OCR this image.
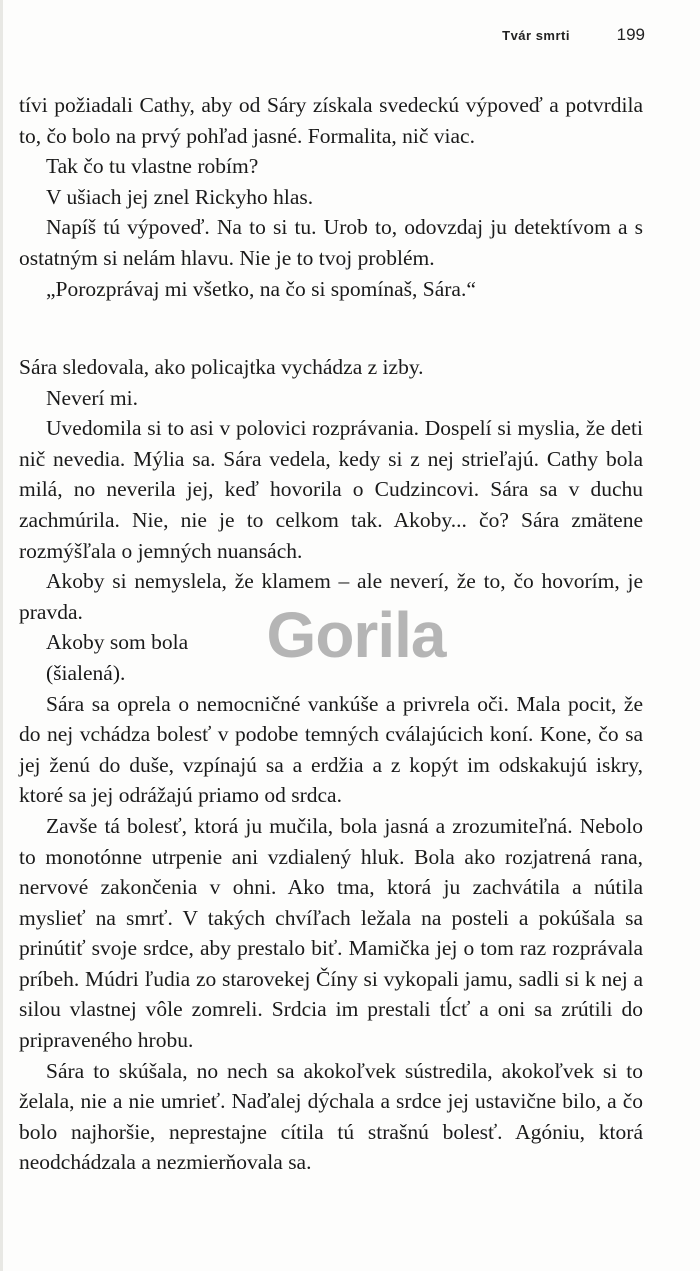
Tvár smrti	199

tívi požiadali Cathy, aby od Sáry získala svedeckú výpoveď a potvrdila to, čo bolo na prvý pohľad jasné. Formalita, nič viac.

Tak čo tu vlastne robím?

V ušiach jej znel Rickyho hlas.

Napíš tú výpoveď. Na to si tu. Urob to, odovzdaj ju detektívom a s ostatným si nelám hlavu. Nie je to tvoj problém.

„Porozprávaj mi všetko, na čo si spomínaš, Sára.“

Sára sledovala, ako policajtka vychádza z izby.

Neverí mi.

Uvedomila si to asi v polovici rozprávania. Dospelí si myslia, že deti nič nevedia. Mýlia sa. Sára vedela, kedy si z nej strieľajú. Cathy bola milá, no neverila jej, keď hovorila o Cudzincovi. Sára sa v duchu zachmúrila. Nie, nie je to celkom tak. Akoby... čo? Sára zmätene rozmýšľala o jemných nuansách.

Akoby si nemyslela, že klamem – ale neverí, že to, čo hovorím, je pravda.

Akoby som bola

(šialená).

Sára sa oprela o nemocničné vankúše a privrela oči. Mala pocit, že do nej vchádza bolesť v podobe temných cválajúcich koní. Kone, čo sa jej ženú do duše, vzpínajú sa a erdžia a z kopýt im odskakujú iskry, ktoré sa jej odrážajú priamo od srdca.

Zavše tá bolesť, ktorá ju mučila, bola jasná a zrozumiteľná. Nebolo to monotónne utrpenie ani vzdialený hluk. Bola ako rozjatrená rana, nervové zakončenia v ohni. Ako tma, ktorá ju zachvátila a nútila myslieť na smrť. V takých chvíľach ležala na posteli a pokúšala sa prinútiť svoje srdce, aby prestalo biť. Mamička jej o tom raz rozprávala príbeh. Múdri ľudia zo starovekej Číny si vykopali jamu, sadli si k nej a silou vlastnej vôle zomreli. Srdcia im prestali tĺcť a oni sa zrútili do pripraveného hrobu.

Sára to skúšala, no nech sa akokoľvek sústredila, akokoľvek si to želala, nie a nie umrieť. Naďalej dýchala a srdce jej ustavične bilo, a čo bolo najhoršie, neprestajne cítila tú strašnú bolesť. Agóniu, ktorá neodchádzala a nezmierňovala sa.

Gorila
